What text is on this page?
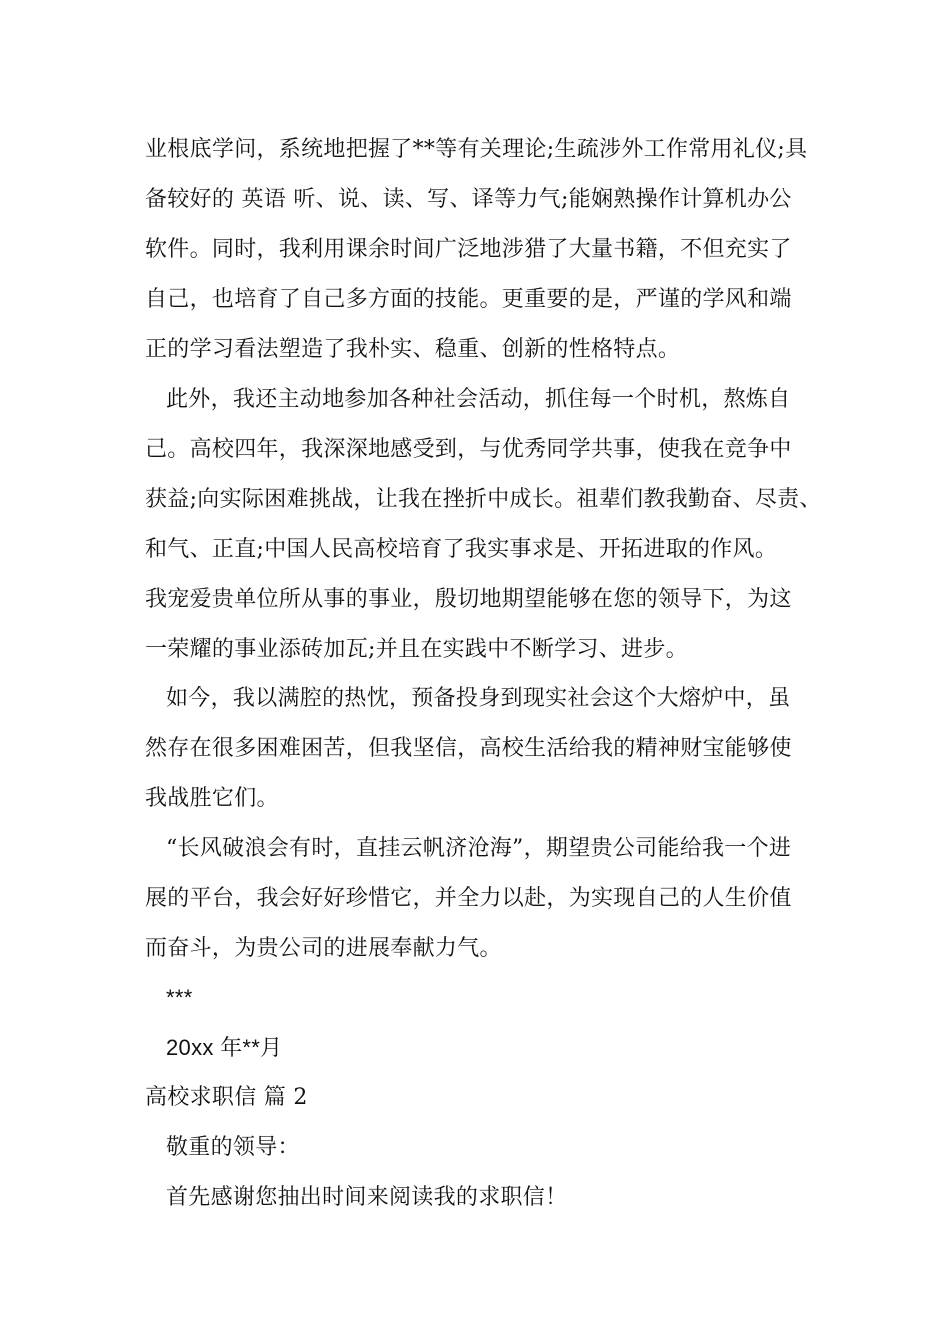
业根底学问，系统地把握了**等有关理论;生疏涉外工作常用礼仪;具
备较好的 英语 听、说、读、写、译等力气;能娴熟操作计算机办公
软件。同时，我利用课余时间广泛地涉猎了大量书籍，不但充实了
自己，也培育了自己多方面的技能。更重要的是，严谨的学风和端
正的学习看法塑造了我朴实、稳重、创新的性格特点。
此外，我还主动地参加各种社会活动，抓住每一个时机，熬炼自
己。高校四年，我深深地感受到，与优秀同学共事，使我在竞争中
获益;向实际困难挑战，让我在挫折中成长。祖辈们教我勤奋、尽责、
和气、正直;中国人民高校培育了我实事求是、开拓进取的作风。
我宠爱贵单位所从事的事业，殷切地期望能够在您的领导下，为这
一荣耀的事业添砖加瓦;并且在实践中不断学习、进步。
如今，我以满腔的热忱，预备投身到现实社会这个大熔炉中，虽
然存在很多困难困苦，但我坚信，高校生活给我的精神财宝能够使
我战胜它们。
“长风破浪会有时，直挂云帆济沧海”，期望贵公司能给我一个进
展的平台，我会好好珍惜它，并全力以赴，为实现自己的人生价值
而奋斗，为贵公司的进展奉献力气。
***
20xx 年**月
高校求职信 篇 2
敬重的领导：
首先感谢您抽出时间来阅读我的求职信！
